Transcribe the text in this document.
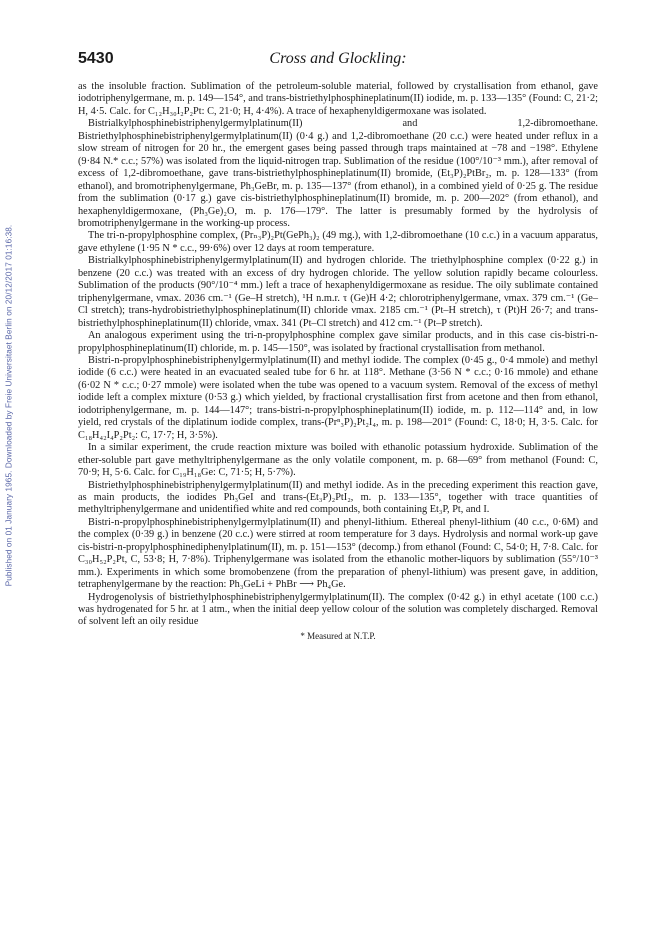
Published on 01 January 1965. Downloaded by Freie Universitaet Berlin on 20/12/2017 01:16:38.
5430	Cross and Glockling:

as the insoluble fraction. Sublimation of the petroleum-soluble material, followed by crystallisation from ethanol, gave iodotriphenylgermane, m. p. 149—154°, and trans-bistriethylphosphineplatinum(II) iodide, m. p. 133—135° (Found: C, 21·2; H, 4·5. Calc. for C₁₂H₃₀I₂P₂Pt: C, 21·0; H, 4·4%). A trace of hexaphenyldigermoxane was isolated.

Bistrialkylphosphinebistriphenylgermylplatinum(II) and 1,2-dibromoethane. Bistriethylphosphinebistriphenylgermylplatinum(II) (0·4 g.) and 1,2-dibromoethane (20 c.c.) were heated under reflux in a slow stream of nitrogen for 20 hr., the emergent gases being passed through traps maintained at −78 and −198°. Ethylene (9·84 N.* c.c.; 57%) was isolated from the liquid-nitrogen trap. Sublimation of the residue (100°/10⁻³ mm.), after removal of excess of 1,2-dibromoethane, gave trans-bistriethylphosphineplatinum(II) bromide, (Et₃P)₂PtBr₂, m. p. 128—133° (from ethanol), and bromotriphenylgermane, Ph₃GeBr, m. p. 135—137° (from ethanol), in a combined yield of 0·25 g. The residue from the sublimation (0·17 g.) gave cis-bistriethylphosphineplatinum(II) bromide, m. p. 200—202° (from ethanol), and hexaphenyldigermoxane, (Ph₃Ge)₂O, m. p. 176—179°. The latter is presumably formed by the hydrolysis of bromotriphenylgermane in the working-up process.

The tri-n-propylphosphine complex, (Prₙ₃P)₂Pt(GePh₃)₂ (49 mg.), with 1,2-dibromoethane (10 c.c.) in a vacuum apparatus, gave ethylene (1·95 N * c.c., 99·6%) over 12 days at room temperature.

Bistrialkylphosphinebistriphenylgermylplatinum(II) and hydrogen chloride. The triethylphosphine complex (0·22 g.) in benzene (20 c.c.) was treated with an excess of dry hydrogen chloride. The yellow solution rapidly became colourless. Sublimation of the products (90°/10⁻⁴ mm.) left a trace of hexaphenyldigermoxane as residue. The oily sublimate contained triphenylgermane, νmax. 2036 cm.⁻¹ (Ge–H stretch), ¹H n.m.r. τ (Ge)H 4·2; chlorotriphenylgermane, νmax. 379 cm.⁻¹ (Ge–Cl stretch); trans-hydrobistriethylphosphineplatinum(II) chloride νmax. 2185 cm.⁻¹ (Pt–H stretch), τ (Pt)H 26·7; and trans-bistriethylphosphineplatinum(II) chloride, νmax. 341 (Pt–Cl stretch) and 412 cm.⁻¹ (Pt–P stretch).

An analogous experiment using the tri-n-propylphosphine complex gave similar products, and in this case cis-bistri-n-propylphosphineplatinum(II) chloride, m. p. 145—150°, was isolated by fractional crystallisation from methanol.

Bistri-n-propylphosphinebistriphenylgermylplatinum(II) and methyl iodide. The complex (0·45 g., 0·4 mmole) and methyl iodide (6 c.c.) were heated in an evacuated sealed tube for 6 hr. at 118°. Methane (3·56 N * c.c.; 0·16 mmole) and ethane (6·02 N * c.c.; 0·27 mmole) were isolated when the tube was opened to a vacuum system. Removal of the excess of methyl iodide left a complex mixture (0·53 g.) which yielded, by fractional crystallisation first from acetone and then from ethanol, iodotriphenylgermane, m. p. 144—147°; trans-bistri-n-propylphosphineplatinum(II) iodide, m. p. 112—114° and, in low yield, red crystals of the diplatinum iodide complex, trans-(Prⁿ₃P)₂Pt₂I₄, m. p. 198—201° (Found: C, 18·0; H, 3·5. Calc. for C₁₈H₄₂I₄P₂Pt₂: C, 17·7; H, 3·5%).

In a similar experiment, the crude reaction mixture was boiled with ethanolic potassium hydroxide. Sublimation of the ether-soluble part gave methyltriphenylgermane as the only volatile component, m. p. 68—69° from methanol (Found: C, 70·9; H, 5·6. Calc. for C₁₉H₁₈Ge: C, 71·5; H, 5·7%).

Bistriethylphosphinebistriphenylgermylplatinum(II) and methyl iodide. As in the preceding experiment this reaction gave, as main products, the iodides Ph₃GeI and trans-(Et₃P)₂PtI₂, m. p. 133—135°, together with trace quantities of methyltriphenylgermane and unidentified white and red compounds, both containing Et₃P, Pt, and I.

Bistri-n-propylphosphinebistriphenylgermylplatinum(II) and phenyl-lithium. Ethereal phenyl-lithium (40 c.c., 0·6M) and the complex (0·39 g.) in benzene (20 c.c.) were stirred at room temperature for 3 days. Hydrolysis and normal work-up gave cis-bistri-n-propylphosphinediphenylplatinum(II), m. p. 151—153° (decomp.) from ethanol (Found: C, 54·0; H, 7·8. Calc. for C₃₀H₅₂P₂Pt, C, 53·8; H, 7·8%). Triphenylgermane was isolated from the ethanolic mother-liquors by sublimation (55°/10⁻³ mm.). Experiments in which some bromobenzene (from the preparation of phenyl-lithium) was present gave, in addition, tetraphenylgermane by the reaction: Ph₃GeLi + PhBr ⟶ Ph₄Ge.

Hydrogenolysis of bistriethylphosphinebistriphenylgermylplatinum(II). The complex (0·42 g.) in ethyl acetate (100 c.c.) was hydrogenated for 5 hr. at 1 atm., when the initial deep yellow colour of the solution was completely discharged. Removal of solvent left an oily residue

* Measured at N.T.P.
